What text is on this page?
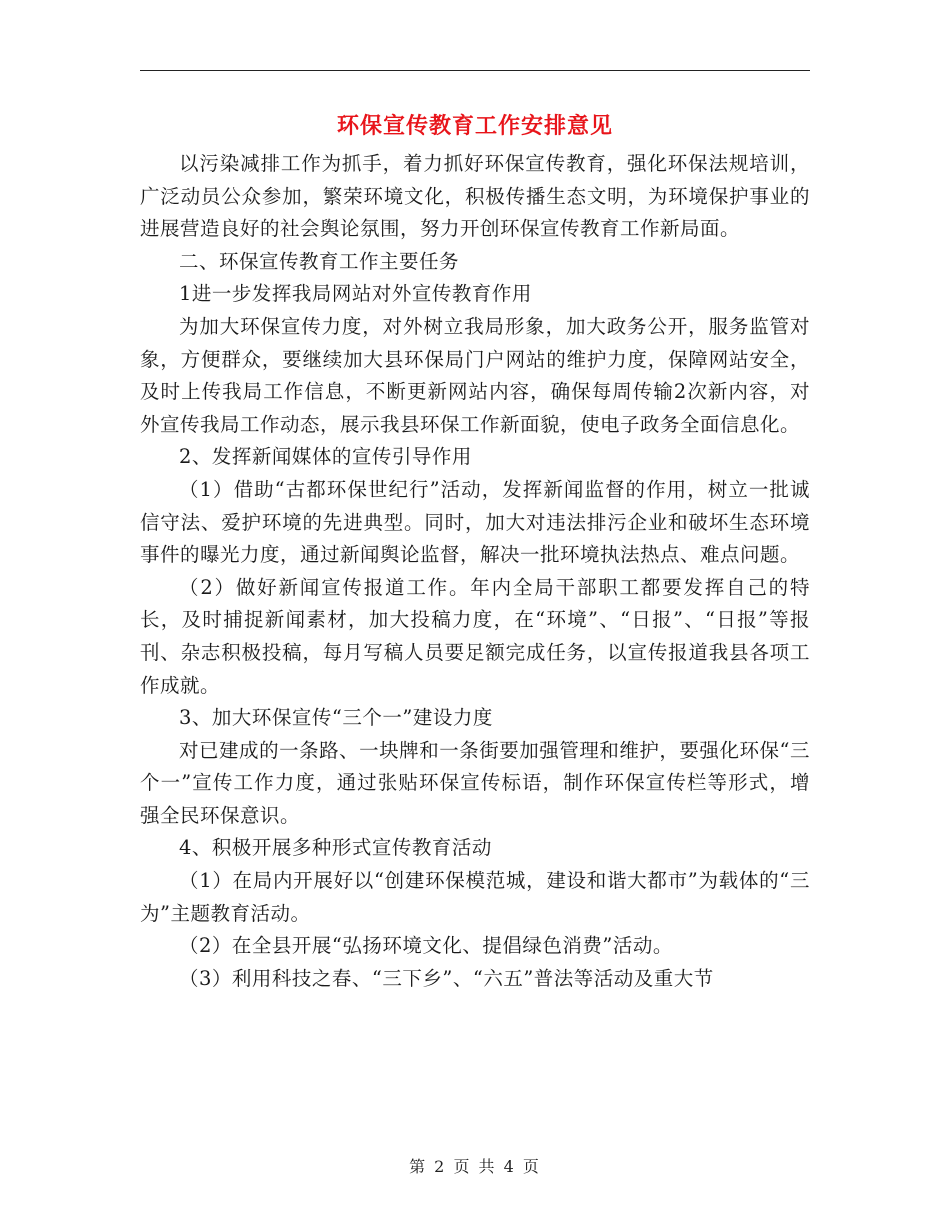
环保宣传教育工作安排意见

以污染减排工作为抓手，着力抓好环保宣传教育，强化环保法规培训，广泛动员公众参加，繁荣环境文化，积极传播生态文明，为环境保护事业的进展营造良好的社会舆论氛围，努力开创环保宣传教育工作新局面。

二、环保宣传教育工作主要任务

1进一步发挥我局网站对外宣传教育作用

为加大环保宣传力度，对外树立我局形象，加大政务公开，服务监管对象，方便群众，要继续加大县环保局门户网站的维护力度，保障网站安全，及时上传我局工作信息，不断更新网站内容，确保每周传输2次新内容，对外宣传我局工作动态，展示我县环保工作新面貌，使电子政务全面信息化。

2、发挥新闻媒体的宣传引导作用

（1）借助“古都环保世纪行”活动，发挥新闻监督的作用，树立一批诚信守法、爱护环境的先进典型。同时，加大对违法排污企业和破坏生态环境事件的曝光力度，通过新闻舆论监督，解决一批环境执法热点、难点问题。

（2）做好新闻宣传报道工作。年内全局干部职工都要发挥自己的特长，及时捕捉新闻素材，加大投稿力度，在“环境”、“日报”、“日报”等报刊、杂志积极投稿，每月写稿人员要足额完成任务，以宣传报道我县各项工作成就。

3、加大环保宣传“三个一”建设力度

对已建成的一条路、一块牌和一条街要加强管理和维护，要强化环保“三个一”宣传工作力度，通过张贴环保宣传标语，制作环保宣传栏等形式，增强全民环保意识。

4、积极开展多种形式宣传教育活动

（1）在局内开展好以“创建环保模范城，建设和谐大都市”为载体的“三为”主题教育活动。

（2）在全县开展“弘扬环境文化、提倡绿色消费”活动。

（3）利用科技之春、“三下乡”、“六五”普法等活动及重大节

第 2 页 共 4 页
